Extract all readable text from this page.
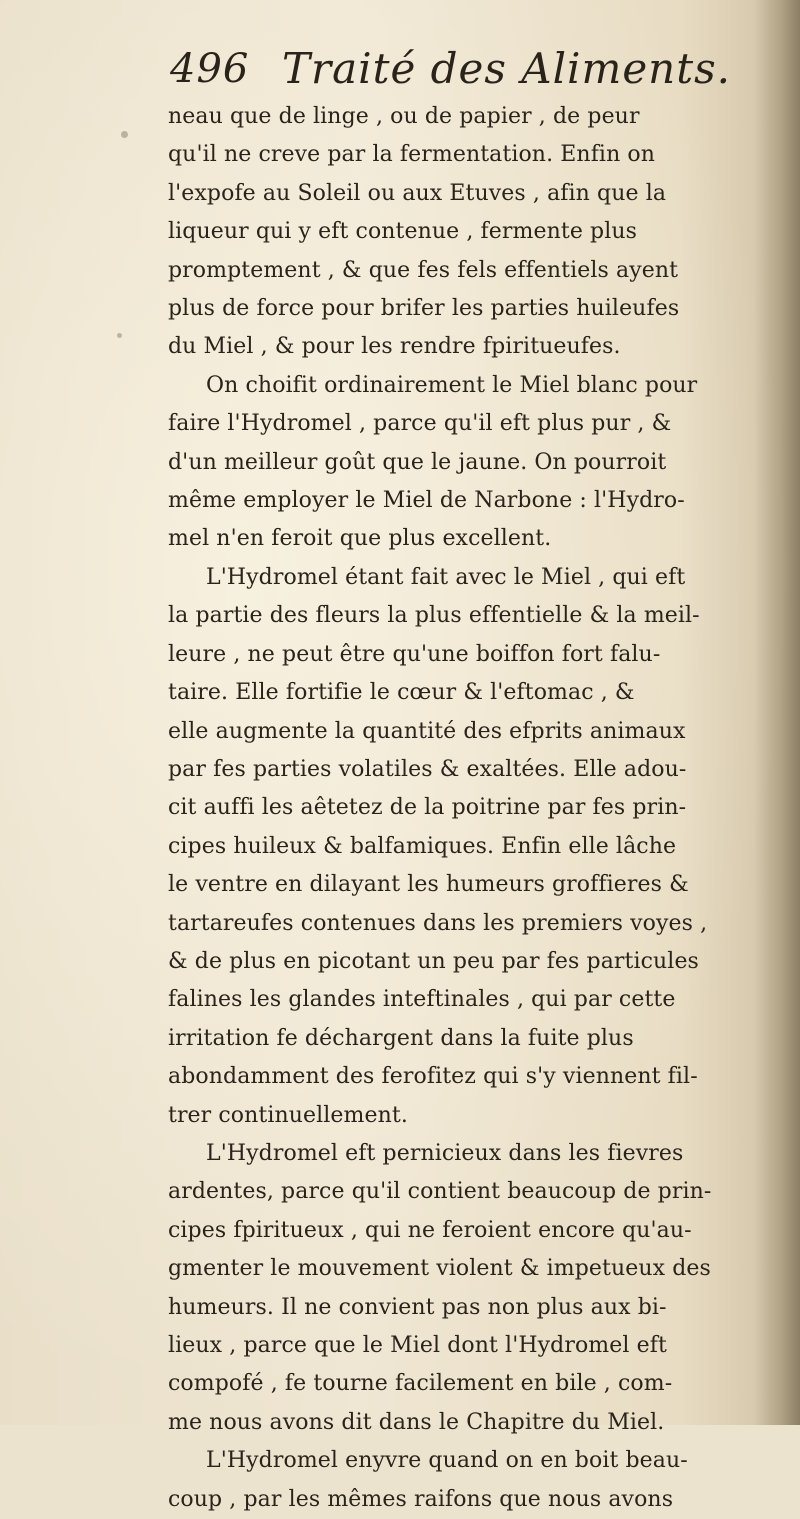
496 Traité des Aliments.
neau que de linge , ou de papier , de peur
qu'il ne creve par la fermentation. Enfin on
l'expofe au Soleil ou aux Etuves , afin que la
liqueur qui y eft contenue , fermente plus
promptement , & que fes fels effentiels ayent
plus de force pour brifer les parties huileufes
du Miel , & pour les rendre fpiritueufes.
On choifit ordinairement le Miel blanc pour
faire l'Hydromel , parce qu'il eft plus pur , &
d'un meilleur goût que le jaune. On pourroit
même employer le Miel de Narbone : l'Hydro-
mel n'en feroit que plus excellent.
L'Hydromel étant fait avec le Miel , qui eft
la partie des fleurs la plus effentielle & la meil-
leure , ne peut être qu'une boiffon fort falu-
taire. Elle fortifie le cœur & l'eftomac , &
elle augmente la quantité des efprits animaux
par fes parties volatiles & exaltées. Elle adou-
cit auffi les aêtetez de la poitrine par fes prin-
cipes huileux & balfamiques. Enfin elle lâche
le ventre en dilayant les humeurs groffieres &
tartareufes contenues dans les premiers voyes ,
& de plus en picotant un peu par fes particules
falines les glandes inteftinales , qui par cette
irritation fe déchargent dans la fuite plus
abondamment des ferofitez qui s'y viennent fil-
trer continuellement.
L'Hydromel eft pernicieux dans les fievres
ardentes, parce qu'il contient beaucoup de prin-
cipes fpiritueux , qui ne feroient encore qu'au-
gmenter le mouvement violent & impetueux des
humeurs. Il ne convient pas non plus aux bi-
lieux , parce que le Miel dont l'Hydromel eft
compofé , fe tourne facilement en bile , com-
me nous avons dit dans le Chapitre du Miel.
L'Hydromel enyvre quand on en boit beau-
coup , par les mêmes raifons que nous avons
